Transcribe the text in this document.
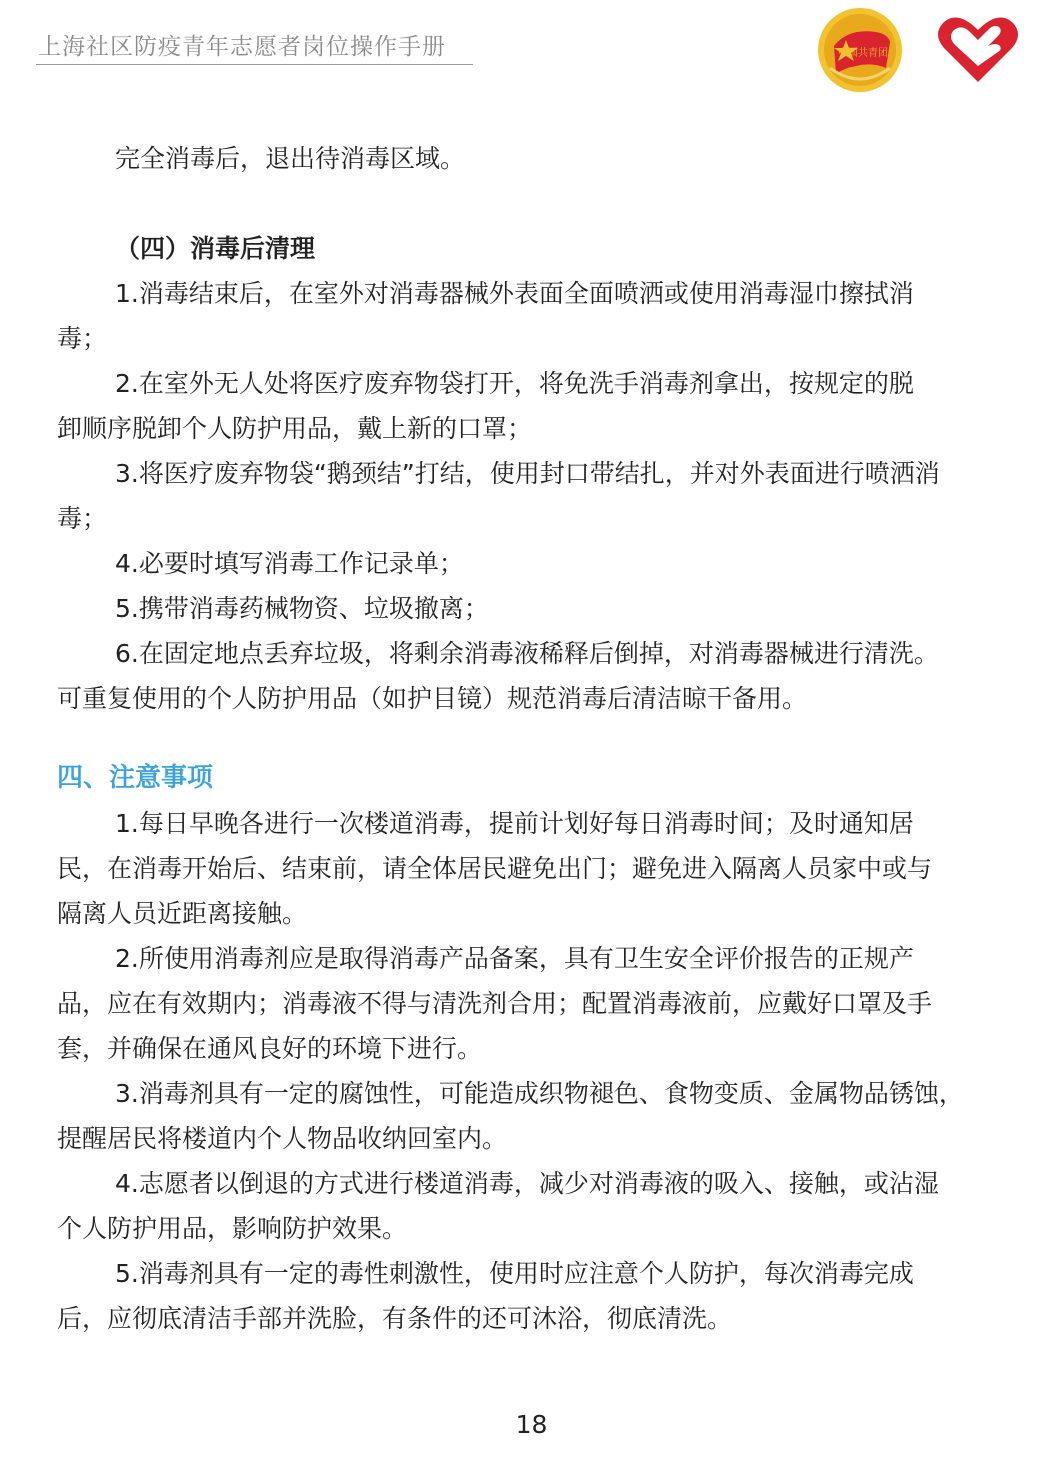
上海社区防疫青年志愿者岗位操作手册	中国共青团
完全消毒后，退出待消毒区域。
（四）消毒后清理
1.消毒结束后，在室外对消毒器械外表面全面喷洒或使用消毒湿巾擦拭消
毒；
2.在室外无人处将医疗废弃物袋打开，将免洗手消毒剂拿出，按规定的脱
卸顺序脱卸个人防护用品，戴上新的口罩；
3.将医疗废弃物袋“鹅颈结”打结，使用封口带结扎，并对外表面进行喷洒消
毒；
4.必要时填写消毒工作记录单；
5.携带消毒药械物资、垃圾撤离；
6.在固定地点丢弃垃圾，将剩余消毒液稀释后倒掉，对消毒器械进行清洗。
可重复使用的个人防护用品（如护目镜）规范消毒后清洁晾干备用。
四、注意事项
1.每日早晚各进行一次楼道消毒，提前计划好每日消毒时间；及时通知居
民，在消毒开始后、结束前，请全体居民避免出门；避免进入隔离人员家中或与
隔离人员近距离接触。
2.所使用消毒剂应是取得消毒产品备案，具有卫生安全评价报告的正规产
品，应在有效期内；消毒液不得与清洗剂合用；配置消毒液前，应戴好口罩及手
套，并确保在通风良好的环境下进行。
3.消毒剂具有一定的腐蚀性，可能造成织物褪色、食物变质、金属物品锈蚀，
提醒居民将楼道内个人物品收纳回室内。
4.志愿者以倒退的方式进行楼道消毒，减少对消毒液的吸入、接触，或沾湿
个人防护用品，影响防护效果。
5.消毒剂具有一定的毒性刺激性，使用时应注意个人防护，每次消毒完成
后，应彻底清洁手部并洗脸，有条件的还可沐浴，彻底清洗。
18
